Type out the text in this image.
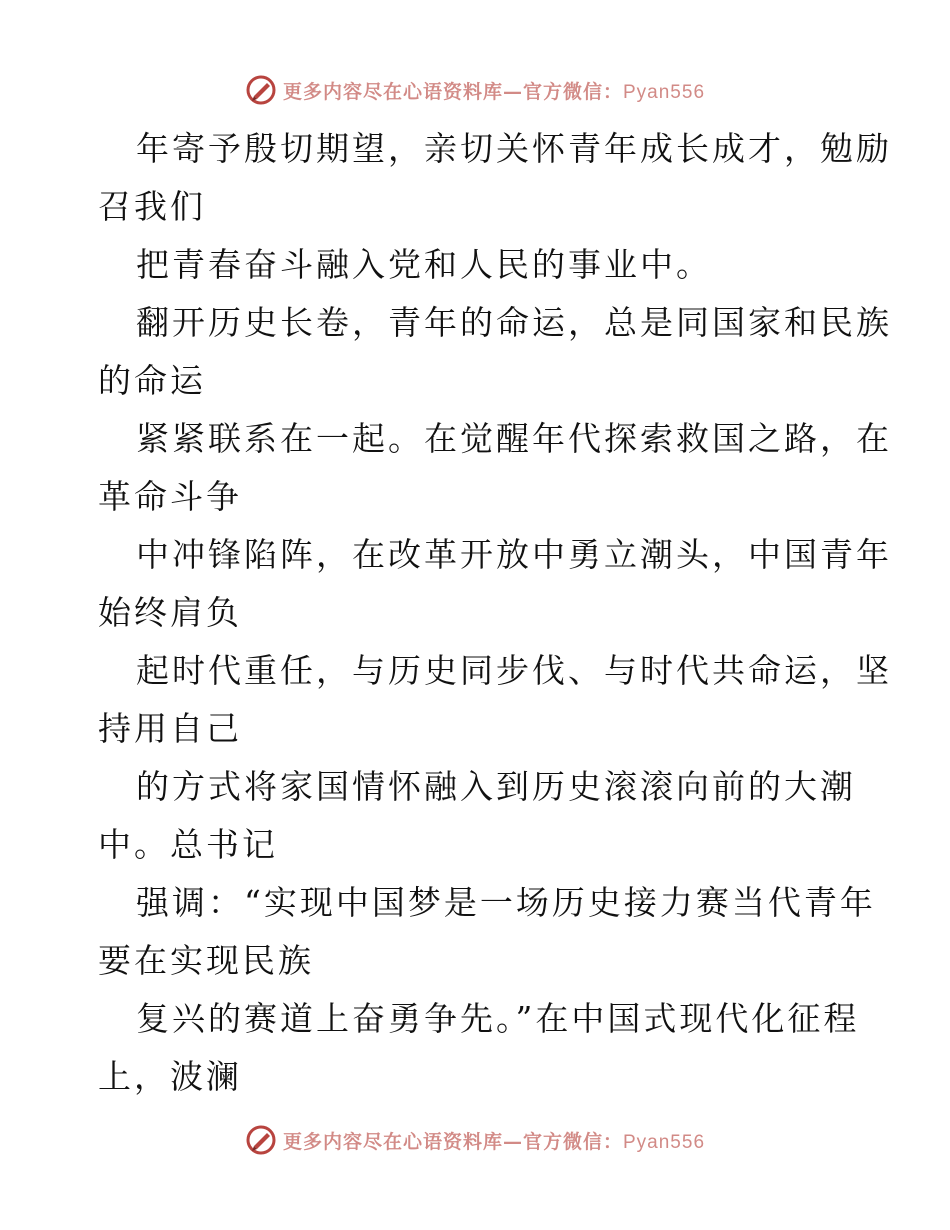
更多内容尽在心语资料库—官方微信：Pyan556
年寄予殷切期望，亲切关怀青年成长成才，勉励
召我们
把青春奋斗融入党和人民的事业中。
翻开历史长卷，青年的命运，总是同国家和民族
的命运
紧紧联系在一起。在觉醒年代探索救国之路，在
革命斗争
中冲锋陷阵，在改革开放中勇立潮头，中国青年
始终肩负
起时代重任，与历史同步伐、与时代共命运，坚
持用自己
的方式将家国情怀融入到历史滚滚向前的大潮
中。总书记
强调：“实现中国梦是一场历史接力赛当代青年
要在实现民族
复兴的赛道上奋勇争先。”在中国式现代化征程
上，波澜
更多内容尽在心语资料库—官方微信：Pyan556
